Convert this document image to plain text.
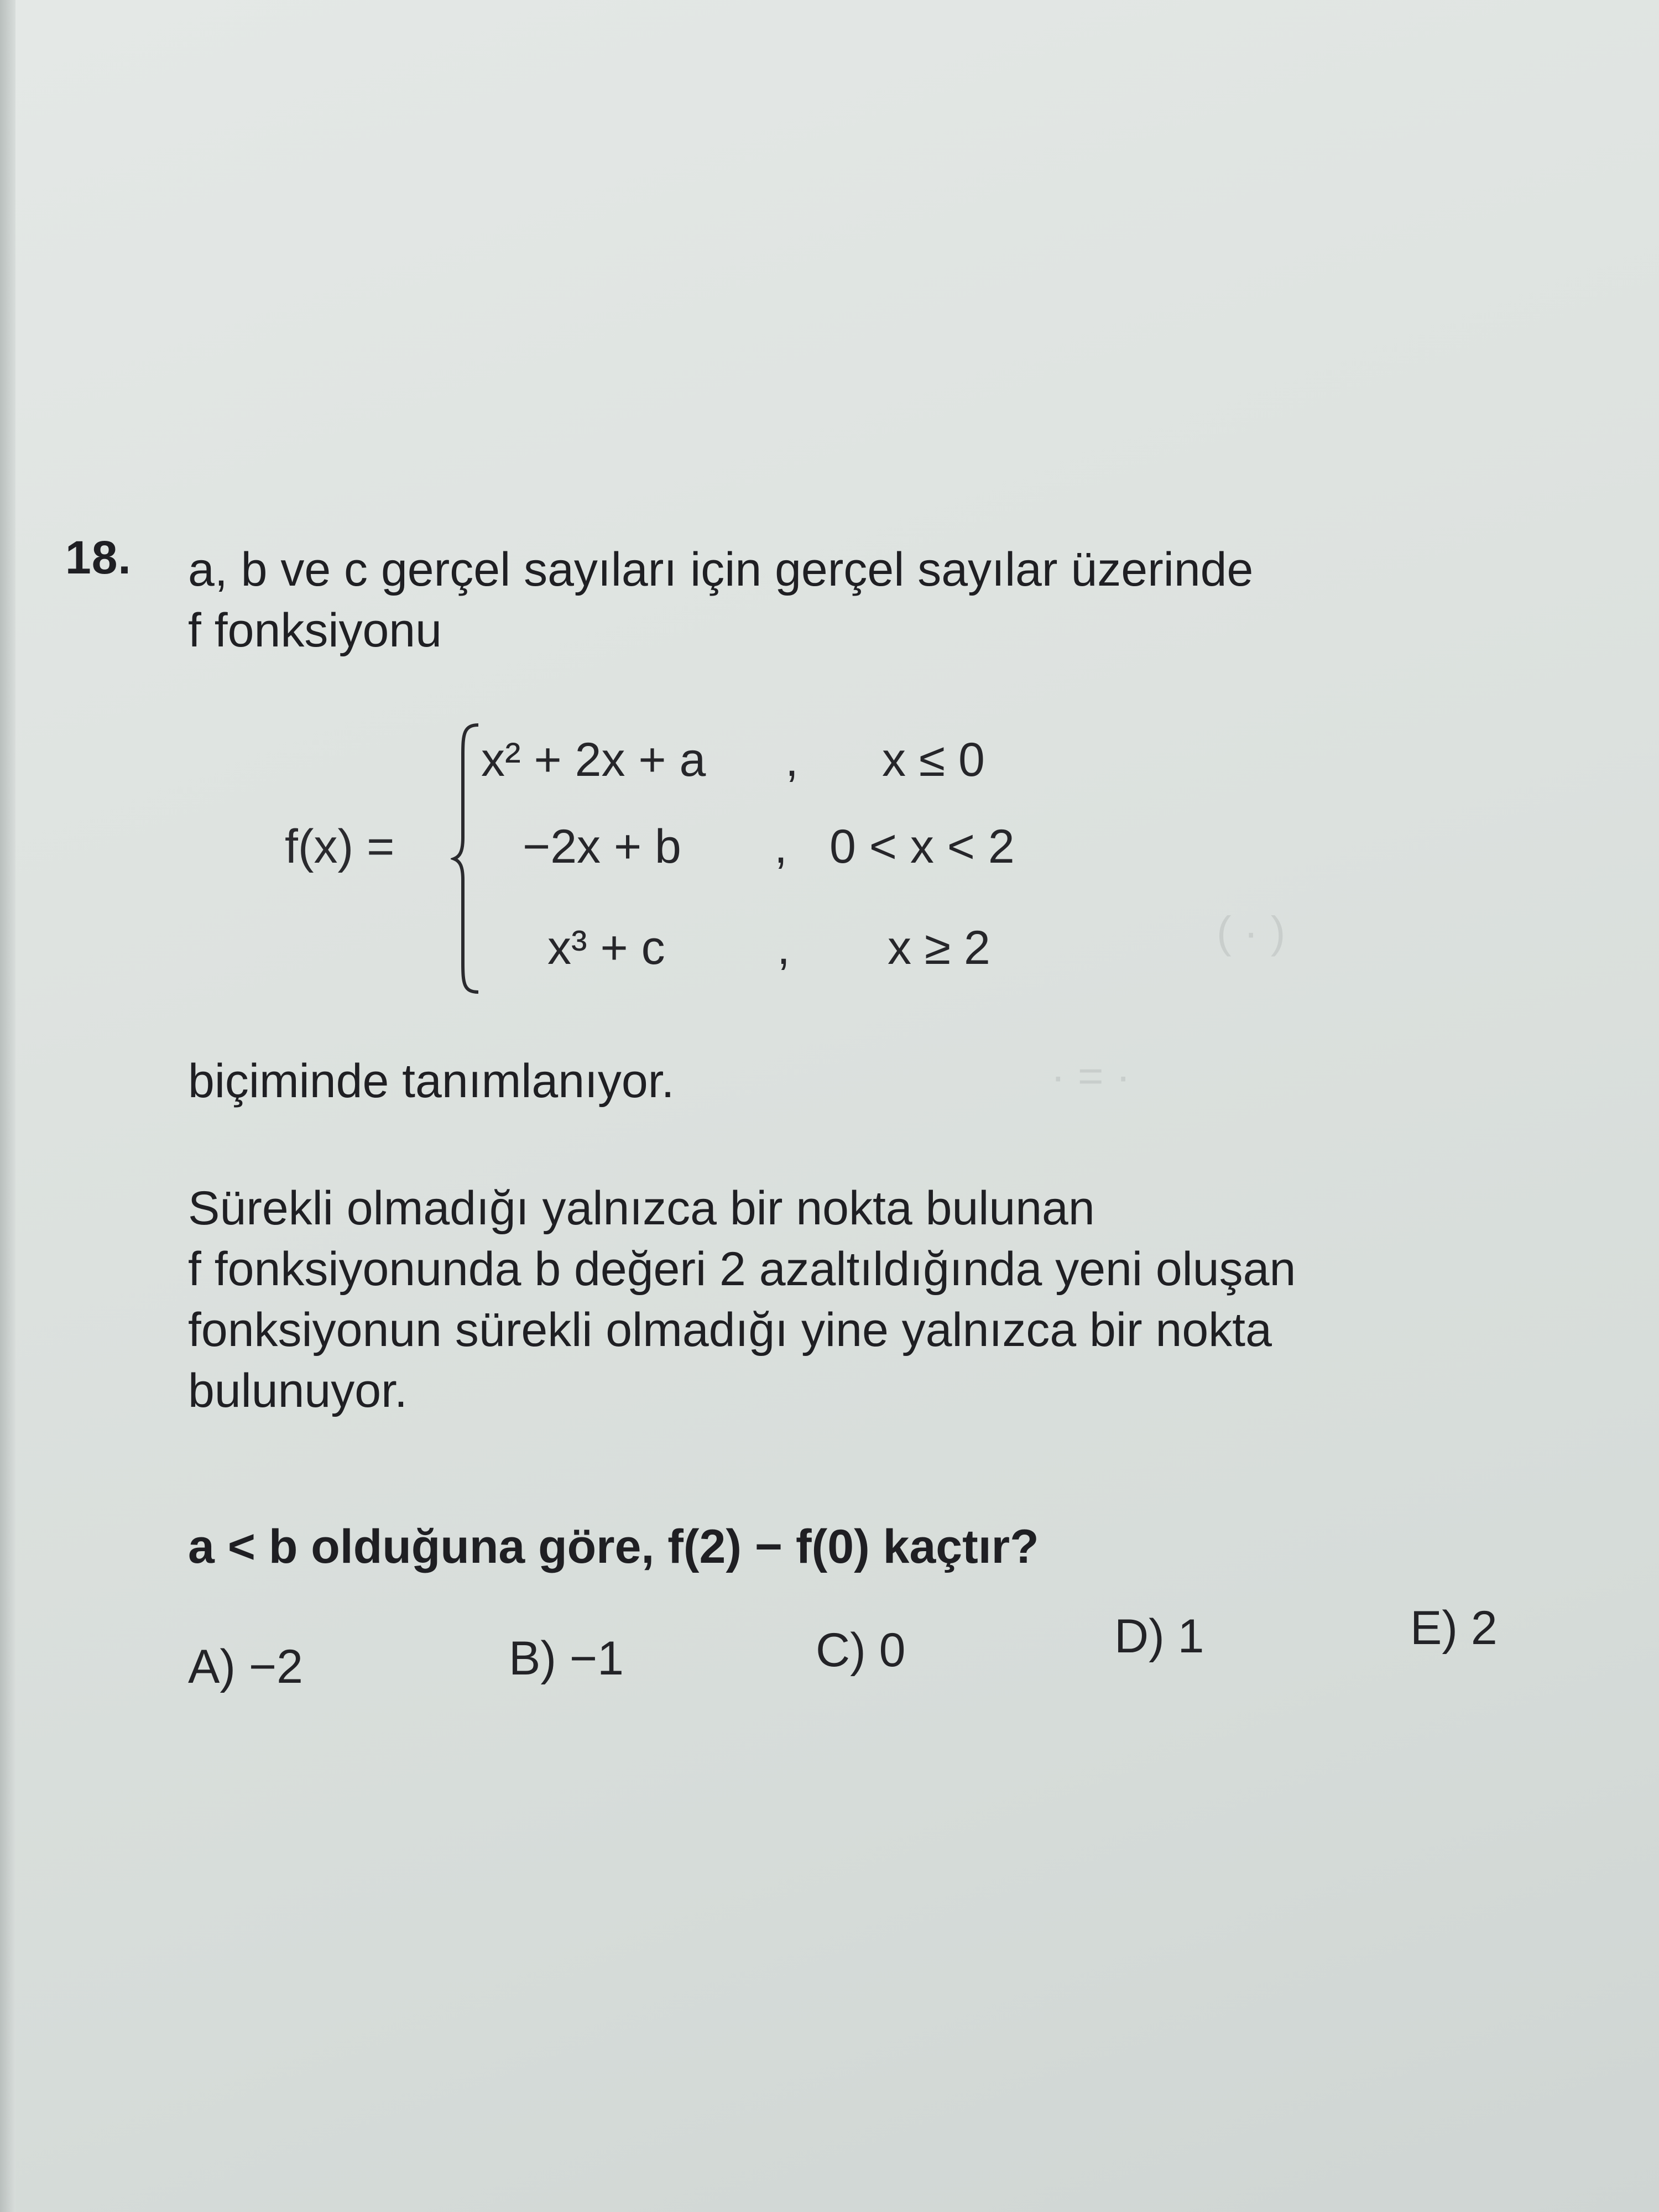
( · )
· = ·
18. a, b ve c gerçel sayıları için gerçel sayılar üzerinde
f fonksiyonu

f(x) =
x² + 2x + a , x ≤ 0
−2x + b , 0 < x < 2
x³ + c , x ≥ 2

biçiminde tanımlanıyor.

Sürekli olmadığı yalnızca bir nokta bulunan
f fonksiyonunda b değeri 2 azaltıldığında yeni oluşan
fonksiyonun sürekli olmadığı yine yalnızca bir nokta
bulunuyor.

a < b olduğuna göre, f(2) − f(0) kaçtır?

A) −2	B) −1	C) 0	D) 1	E) 2
